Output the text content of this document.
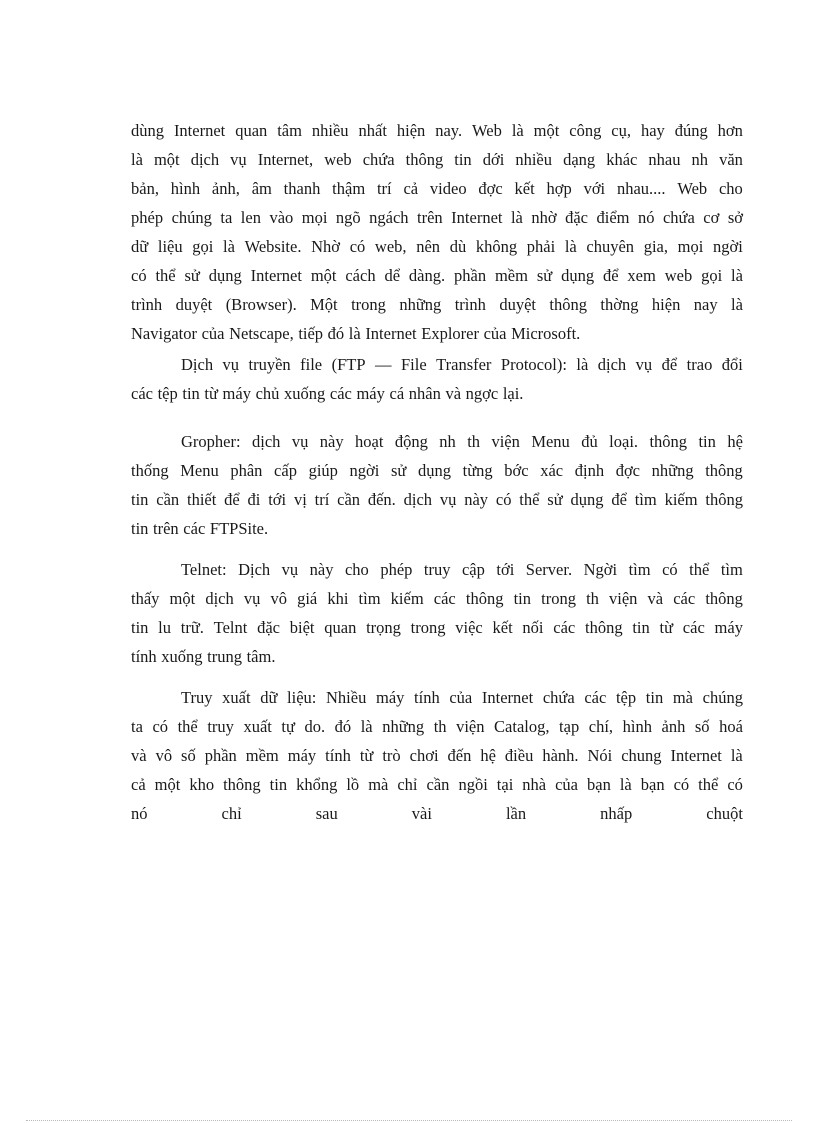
dùng Internet quan tâm nhiều nhất hiện nay. Web là một công cụ, hay đúng hơn
là một dịch vụ Internet, web chứa thông tin dới nhiều dạng khác nhau nh văn
bản, hình ảnh, âm thanh thậm trí cả video đợc kết hợp với nhau.... Web cho
phép chúng ta len vào mọi ngõ ngách trên Internet là nhờ đặc điểm nó chứa cơ sở
dữ liệu gọi là Website. Nhờ có web, nên dù không phải là chuyên gia, mọi ngời
có thể sử dụng Internet một cách dể dàng. phần mềm sử dụng để xem web gọi là
trình duyệt (Browser). Một trong những trình duyệt thông thờng hiện nay là
Navigator của Netscape, tiếp đó là Internet Explorer của Microsoft.
Dịch vụ truyền file (FTP — File Transfer Protocol): là dịch vụ để trao đổi
các tệp tin từ máy chủ xuống các máy cá nhân và ngợc lại.
Gropher: dịch vụ này hoạt động nh th viện Menu đủ loại. thông tin hệ
thống Menu phân cấp giúp ngời sử dụng từng bớc xác định đợc những thông
tin cần thiết để đi tới vị trí cần đến. dịch vụ này có thể sử dụng để tìm kiếm thông
tin trên các FTPSite.
Telnet: Dịch vụ này cho phép truy cập tới Server. Ngời tìm có thể tìm
thấy một dịch vụ vô giá khi tìm kiếm các thông tin trong th viện và các thông
tin lu trữ. Telnt đặc biệt quan trọng trong việc kết nối các thông tin từ các máy
tính xuống trung tâm.
Truy xuất dữ liệu: Nhiều máy tính của Internet chứa các tệp tin mà chúng
ta có thể truy xuất tự do. đó là những th viện Catalog, tạp chí, hình ảnh số hoá
và vô số phần mềm máy tính từ trò chơi đến hệ điều hành. Nói chung Internet là
cả một kho thông tin khổng lồ mà chỉ cần ngồi tại nhà của bạn là bạn có thể có
nó	chỉ	sau	vài	lần	nhấp	chuột
